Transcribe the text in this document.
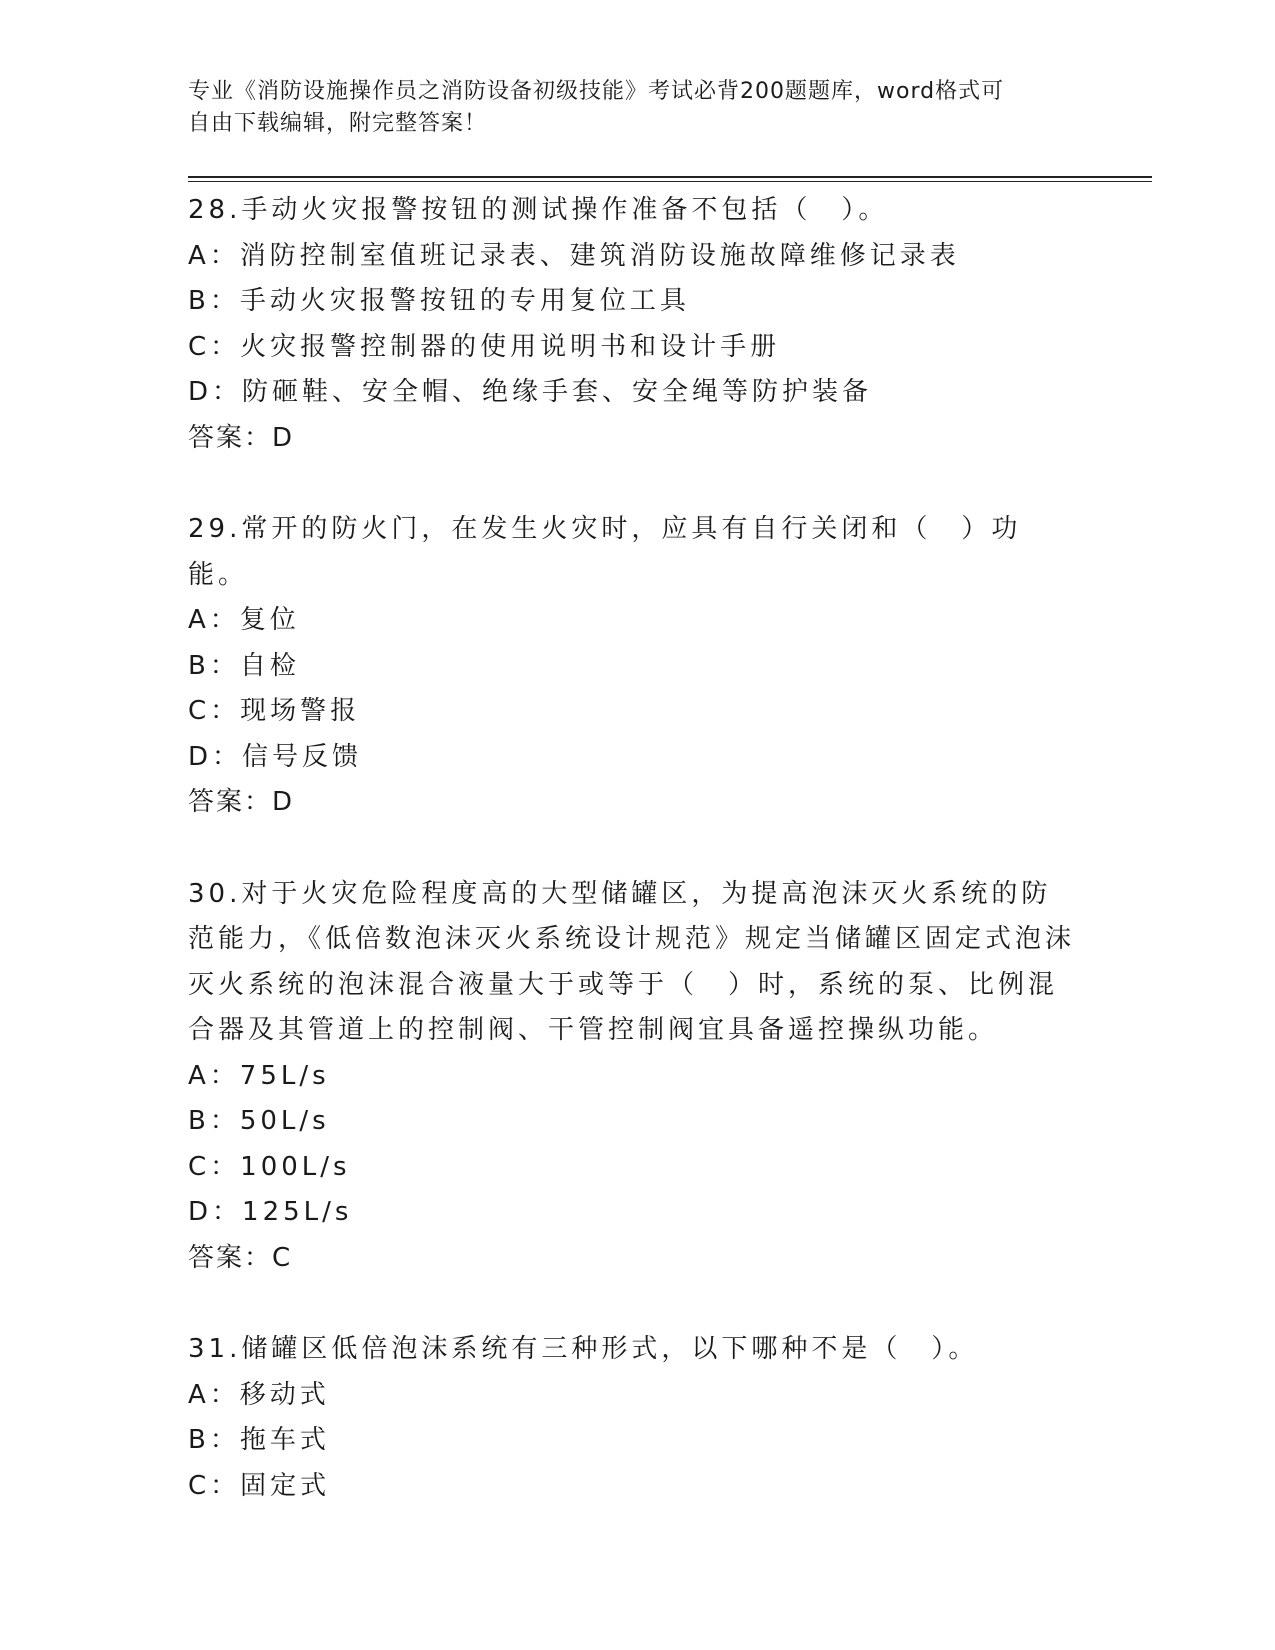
专业《消防设施操作员之消防设备初级技能》考试必背200题题库，word格式可
自由下载编辑，附完整答案！

28.手动火灾报警按钮的测试操作准备不包括（　）。

A：消防控制室值班记录表、建筑消防设施故障维修记录表

B：手动火灾报警按钮的专用复位工具

C：火灾报警控制器的使用说明书和设计手册

D：防砸鞋、安全帽、绝缘手套、安全绳等防护装备

答案：D

29.常开的防火门，在发生火灾时，应具有自行关闭和（　）功能。

A：复位

B：自检

C：现场警报

D：信号反馈

答案：D

30.对于火灾危险程度高的大型储罐区，为提高泡沫灭火系统的防范能力，《低倍数泡沫灭火系统设计规范》规定当储罐区固定式泡沫灭火系统的泡沫混合液量大于或等于（　）时，系统的泵、比例混合器及其管道上的控制阀、干管控制阀宜具备遥控操纵功能。

A：75L/s

B：50L/s

C：100L/s

D：125L/s

答案：C

31.储罐区低倍泡沫系统有三种形式，以下哪种不是（　）。

A：移动式

B：拖车式

C：固定式
